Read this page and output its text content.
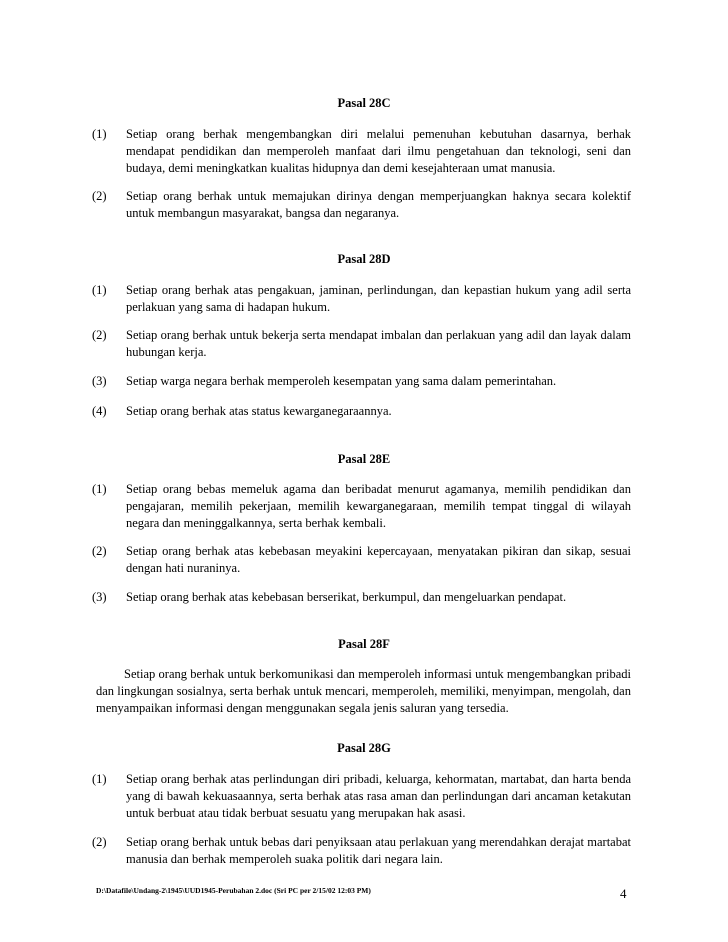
Pasal 28C
(1) Setiap orang berhak mengembangkan diri melalui pemenuhan kebutuhan dasarnya, berhak mendapat pendidikan dan memperoleh manfaat dari ilmu pengetahuan dan teknologi, seni dan budaya, demi meningkatkan kualitas hidupnya dan demi kesejahteraan umat manusia.
(2) Setiap orang berhak untuk memajukan dirinya dengan memperjuangkan haknya secara kolektif untuk membangun masyarakat, bangsa dan negaranya.
Pasal 28D
(1) Setiap orang berhak atas pengakuan, jaminan, perlindungan, dan kepastian hukum yang adil serta perlakuan yang sama di hadapan hukum.
(2) Setiap orang berhak untuk bekerja serta mendapat imbalan dan perlakuan yang adil dan layak dalam hubungan kerja.
(3) Setiap warga negara berhak memperoleh kesempatan yang sama dalam pemerintahan.
(4) Setiap orang berhak atas status kewarganegaraannya.
Pasal 28E
(1) Setiap orang bebas memeluk agama dan beribadat menurut agamanya, memilih pendidikan dan pengajaran, memilih pekerjaan, memilih kewarganegaraan, memilih tempat tinggal di wilayah negara dan meninggalkannya, serta berhak kembali.
(2) Setiap orang berhak atas kebebasan meyakini kepercayaan, menyatakan pikiran dan sikap, sesuai dengan hati nuraninya.
(3) Setiap orang berhak atas kebebasan berserikat, berkumpul, dan mengeluarkan pendapat.
Pasal 28F
Setiap orang berhak untuk berkomunikasi dan memperoleh informasi untuk mengembangkan pribadi dan lingkungan sosialnya, serta berhak untuk mencari, memperoleh, memiliki, menyimpan, mengolah, dan menyampaikan informasi dengan menggunakan segala jenis saluran yang tersedia.
Pasal 28G
(1) Setiap orang berhak atas perlindungan diri pribadi, keluarga, kehormatan, martabat, dan harta benda yang di bawah kekuasaannya, serta berhak atas rasa aman dan perlindungan dari ancaman ketakutan untuk berbuat atau tidak berbuat sesuatu yang merupakan hak asasi.
(2) Setiap orang berhak untuk bebas dari penyiksaan atau perlakuan yang merendahkan derajat martabat manusia dan berhak memperoleh suaka politik dari negara lain.
D:\Datafile\Undang-2\1945\UUD1945-Perubahan 2.doc (Sri PC per 2/15/02 12:03 PM)	4
